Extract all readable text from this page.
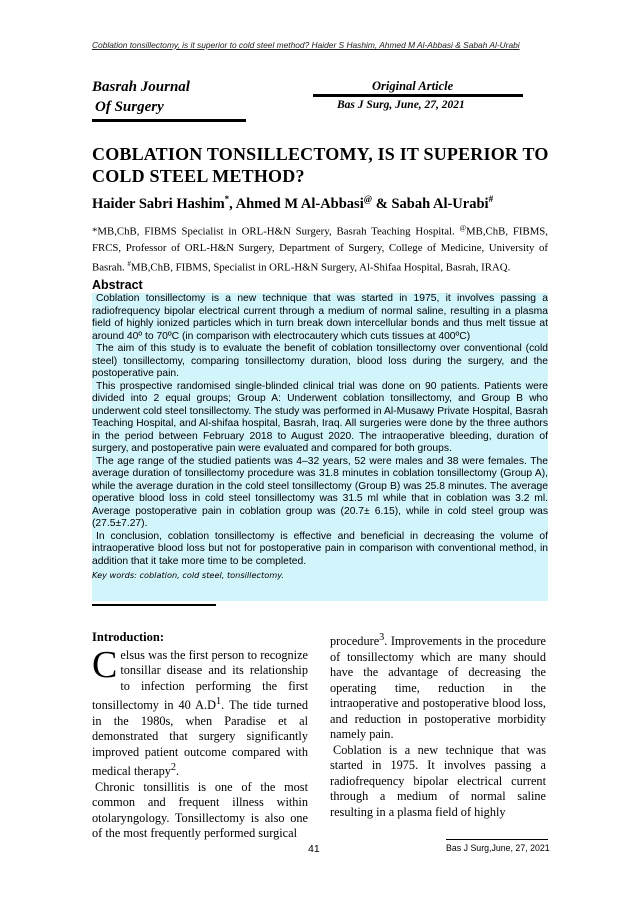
Coblation tonsillectomy, is it superior to cold steel method? Haider S Hashim, Ahmed M Al-Abbasi & Sabah Al-Urabi
Basrah Journal
Of Surgery
Original Article
Bas J Surg, June, 27, 2021
COBLATION TONSILLECTOMY, IS IT SUPERIOR TO COLD STEEL METHOD?
Haider Sabri Hashim*, Ahmed M Al-Abbasi@ & Sabah Al-Urabi#
*MB,ChB, FIBMS Specialist in ORL-H&N Surgery, Basrah Teaching Hospital. @MB,ChB, FIBMS, FRCS, Professor of ORL-H&N Surgery, Department of Surgery, College of Medicine, University of Basrah. #MB,ChB, FIBMS, Specialist in ORL-H&N Surgery, Al-Shifaa Hospital, Basrah, IRAQ.
Abstract

Coblation tonsillectomy is a new technique that was started in 1975, it involves passing a radiofrequency bipolar electrical current through a medium of normal saline, resulting in a plasma field of highly ionized particles which in turn break down intercellular bonds and thus melt tissue at around 40º to 70ºC (in comparison with electrocautery which cuts tissues at 400ºC)

The aim of this study is to evaluate the benefit of coblation tonsillectomy over conventional (cold steel) tonsillectomy, comparing tonsillectomy duration, blood loss during the surgery, and the postoperative pain.

This prospective randomised single-blinded clinical trial was done on 90 patients. Patients were divided into 2 equal groups; Group A: Underwent coblation tonsillectomy, and Group B who underwent cold steel tonsillectomy. The study was performed in Al-Musawy Private Hospital, Basrah Teaching Hospital, and Al-shifaa hospital, Basrah, Iraq. All surgeries were done by the three authors in the period between February 2018 to August 2020. The intraoperative bleeding, duration of surgery, and postoperative pain were evaluated and compared for both groups.

The age range of the studied patients was 4–32 years, 52 were males and 38 were females. The average duration of tonsillectomy procedure was 31.8 minutes in coblation tonsillectomy (Group A), while the average duration in the cold steel tonsillectomy (Group B) was 25.8 minutes. The average operative blood loss in cold steel tonsillectomy was 31.5 ml while that in coblation was 3.2 ml. Average postoperative pain in coblation group was (20.7± 6.15), while in cold steel group was (27.5±7.27).

In conclusion, coblation tonsillectomy is effective and beneficial in decreasing the volume of intraoperative blood loss but not for postoperative pain in comparison with conventional method, in addition that it take more time to be completed.

Key words: coblation, cold steel, tonsillectomy.

Introduction:

Celsus was the first person to recognize tonsillar disease and its relationship to infection performing the first tonsillectomy in 40 $A.D^1$. The tide turned in the 1980s, when Paradise et al demonstrated that surgery significantly improved patient outcome compared with medical therapy$^2$.

Chronic tonsillitis is one of the most common and frequent illness within otolaryngology. Tonsillectomy is also one of the most frequently performed surgical

procedure$^3$. Improvements in the procedure of tonsillectomy which are many should have the advantage of decreasing the operating time, reduction in the intraoperative and postoperative blood loss, and reduction in postoperative morbidity namely pain.

Coblation is a new technique that was started in 1975. It involves passing a radiofrequency bipolar electrical current through a medium of normal saline resulting in a plasma field of highly

41	Bas J Surg,June, 27, 2021
